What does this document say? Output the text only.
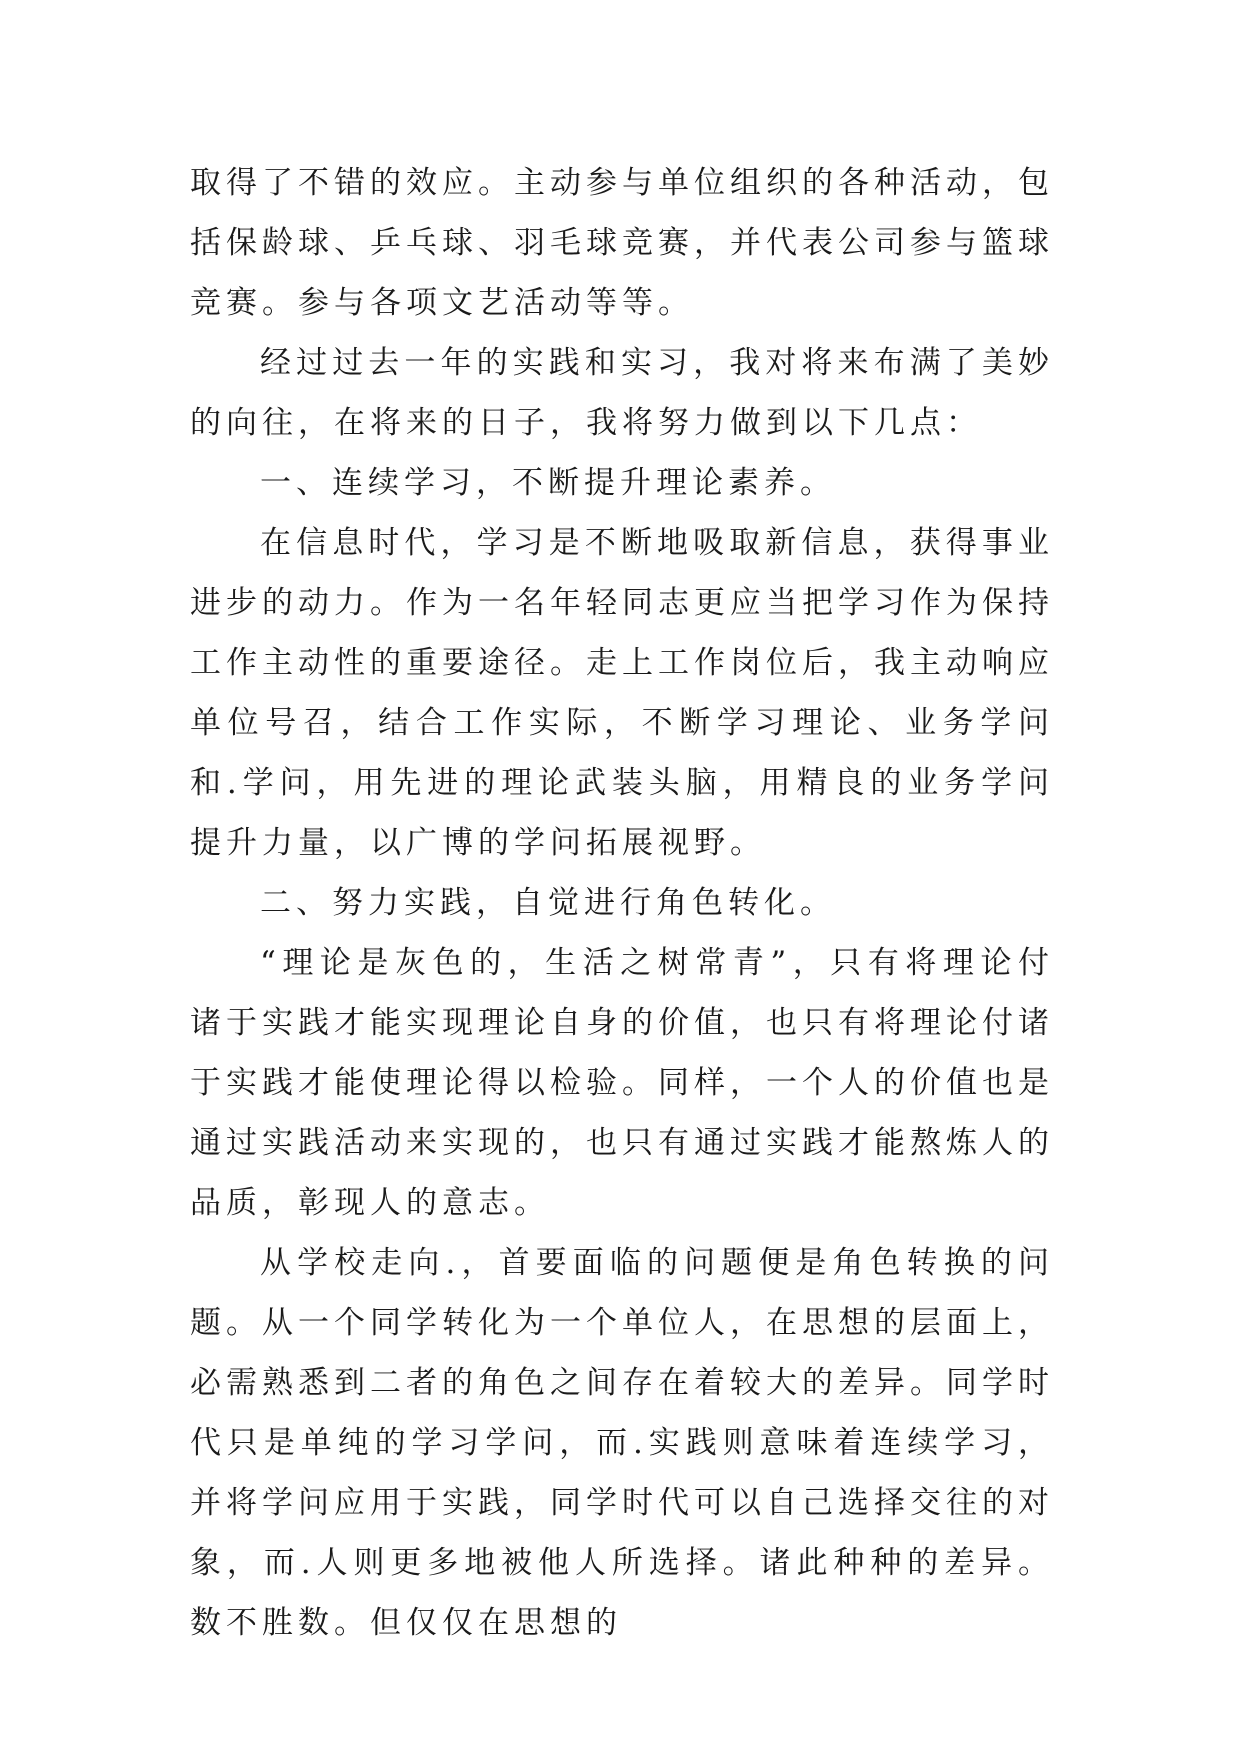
取得了不错的效应。主动参与单位组织的各种活动，包括保龄球、乒乓球、羽毛球竞赛，并代表公司参与篮球竞赛。参与各项文艺活动等等。

经过过去一年的实践和实习，我对将来布满了美妙的向往，在将来的日子，我将努力做到以下几点：

一、连续学习，不断提升理论素养。

在信息时代，学习是不断地吸取新信息，获得事业进步的动力。作为一名年轻同志更应当把学习作为保持工作主动性的重要途径。走上工作岗位后，我主动响应单位号召，结合工作实际，不断学习理论、业务学问和.学问，用先进的理论武装头脑，用精良的业务学问提升力量，以广博的学问拓展视野。

二、努力实践，自觉进行角色转化。

“理论是灰色的，生活之树常青”，只有将理论付诸于实践才能实现理论自身的价值，也只有将理论付诸于实践才能使理论得以检验。同样，一个人的价值也是通过实践活动来实现的，也只有通过实践才能熬炼人的品质，彰现人的意志。

从学校走向.，首要面临的问题便是角色转换的问题。从一个同学转化为一个单位人，在思想的层面上，必需熟悉到二者的角色之间存在着较大的差异。同学时代只是单纯的学习学问，而.实践则意味着连续学习，并将学问应用于实践，同学时代可以自己选择交往的对象，而.人则更多地被他人所选择。诸此种种的差异。数不胜数。但仅仅在思想的
